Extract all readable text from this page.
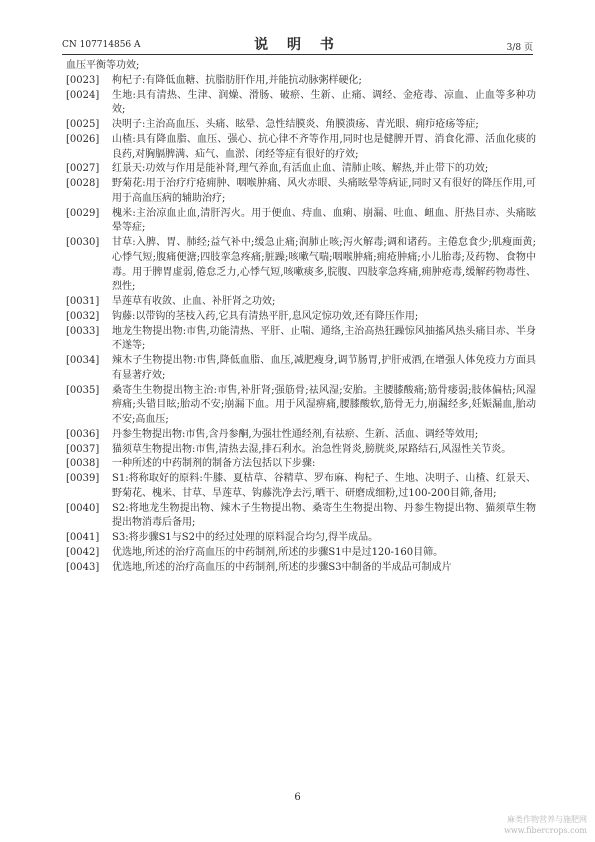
CN 107714856 A	说 明 书	3/8 页
血压平衡等功效;
[0023] 枸杞子:有降低血糖、抗脂肪肝作用,并能抗动脉粥样硬化;
[0024] 生地:具有清热、生津、润燥、滑肠、破瘀、生新、止痛、调经、金疮毒、凉血、止血等多种功效;
[0025] 决明子:主治高血压、头痛、眩晕、急性结膜炎、角膜溃疡、青光眼、痈疖疮疡等症;
[0026] 山楂:具有降血脂、血压、强心、抗心律不齐等作用,同时也是健脾开胃、消食化滞、活血化痰的良药,对胸膈脾满、疝气、血淤、闭经等症有很好的疗效;
[0027] 红景天:功效与作用是能补肾,理气养血,有活血止血、清肺止咳、解热,并止带下的功效;
[0028] 野菊花:用于治疗疔疮痈肿、咽喉肿痛、风火赤眼、头痛眩晕等病证,同时又有很好的降压作用,可用于高血压病的辅助治疗;
[0029] 槐米:主治凉血止血,清肝泻火。用于便血、痔血、血痢、崩漏、吐血、衄血、肝热目赤、头痛眩晕等症;
[0030] 甘草:入脾、胃、肺经;益气补中;缓急止痛;润肺止咳;泻火解毒;调和诸药。主倦怠食少;肌瘦面黄;心悸气短;腹痛便溏;四肢挛急疼痛;脏躁;咳嗽气喘;咽喉肿痛;痈疮肿痛;小儿胎毒;及药物、食物中毒。用于脾胃虚弱,倦怠乏力,心悸气短,咳嗽痰多,脘腹、四肢挛急疼痛,痈肿疮毒,缓解药物毒性、烈性;
[0031] 旱莲草有收敛、止血、补肝肾之功效;
[0032] 钩藤:以带钩的茎枝入药,它具有清热平肝,息风定惊功效,还有降压作用;
[0033] 地龙生物提出物:市售,功能清热、平肝、止喘、通络,主治高热狂躁惊风抽搐风热头痛目赤、半身不遂等;
[0034] 辣木子生物提出物:市售,降低血脂、血压,减肥瘦身,调节肠胃,护肝戒酒,在增强人体免疫力方面具有显著疗效;
[0035] 桑寄生生物提出物主治:市售,补肝肾;强筋骨;祛风湿;安胎。主腰膝酸痛;筋骨痿弱;肢体偏枯;风湿痹痛;头错目眩;胎动不安;崩漏下血。用于风湿痹痛,腰膝酸软,筋骨无力,崩漏经多,妊娠漏血,胎动不安;高血压;
[0036] 丹参生物提出物:市售,含丹参酮,为强壮性通经剂,有祛瘀、生新、活血、调经等效用;
[0037] 猫须草生物提出物:市售,清热去湿,排石利水。治急性肾炎,膀胱炎,尿路结石,风湿性关节炎。
[0038] 一种所述的中药制剂的制备方法包括以下步骤:
[0039] S1:将称取好的原料:牛膝、夏枯草、谷精草、罗布麻、枸杞子、生地、决明子、山楂、红景天、野菊花、槐米、甘草、旱莲草、钩藤洗净去污,晒干、研磨成细粉,过100-200目筛,备用;
[0040] S2:将地龙生物提出物、辣木子生物提出物、桑寄生生物提出物、丹参生物提出物、猫须草生物提出物消毒后备用;
[0041] S3:将步骤S1与S2中的经过处理的原料混合均匀,得半成品。
[0042] 优选地,所述的治疗高血压的中药制剂,所述的步骤S1中是过120-160目筛。
[0043] 优选地,所述的治疗高血压的中药制剂,所述的步骤S3中制备的半成品可制成片
6
麻类作物营养与施肥网
www.fibercrops.com
